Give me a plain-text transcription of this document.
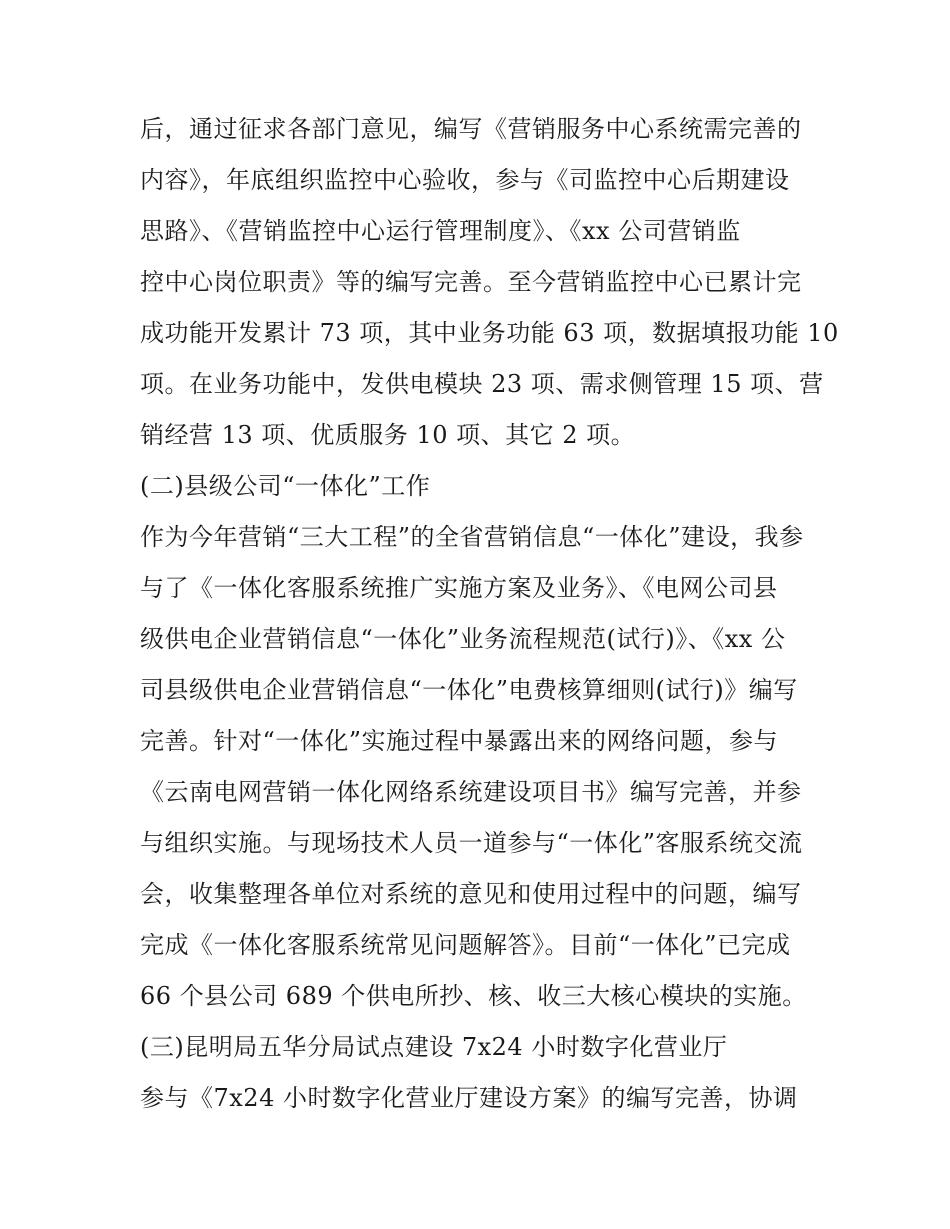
后，通过征求各部门意见，编写《营销服务中心系统需完善的
内容》，年底组织监控中心验收，参与《司监控中心后期建设
思路》、《营销监控中心运行管理制度》、《xx 公司营销监
控中心岗位职责》等的编写完善。至今营销监控中心已累计完
成功能开发累计 73 项，其中业务功能 63 项，数据填报功能 10
项。在业务功能中，发供电模块 23 项、需求侧管理 15 项、营
销经营 13 项、优质服务 10 项、其它 2 项。
(二)县级公司“一体化”工作
作为今年营销“三大工程”的全省营销信息“一体化”建设，我参
与了《一体化客服系统推广实施方案及业务》、《电网公司县
级供电企业营销信息“一体化”业务流程规范(试行)》、《xx 公
司县级供电企业营销信息“一体化”电费核算细则(试行)》编写
完善。针对“一体化”实施过程中暴露出来的网络问题，参与
《云南电网营销一体化网络系统建设项目书》编写完善，并参
与组织实施。与现场技术人员一道参与“一体化”客服系统交流
会，收集整理各单位对系统的意见和使用过程中的问题，编写
完成《一体化客服系统常见问题解答》。目前“一体化”已完成
66 个县公司 689 个供电所抄、核、收三大核心模块的实施。
(三)昆明局五华分局试点建设 7x24 小时数字化营业厅
参与《7x24 小时数字化营业厅建设方案》的编写完善，协调
